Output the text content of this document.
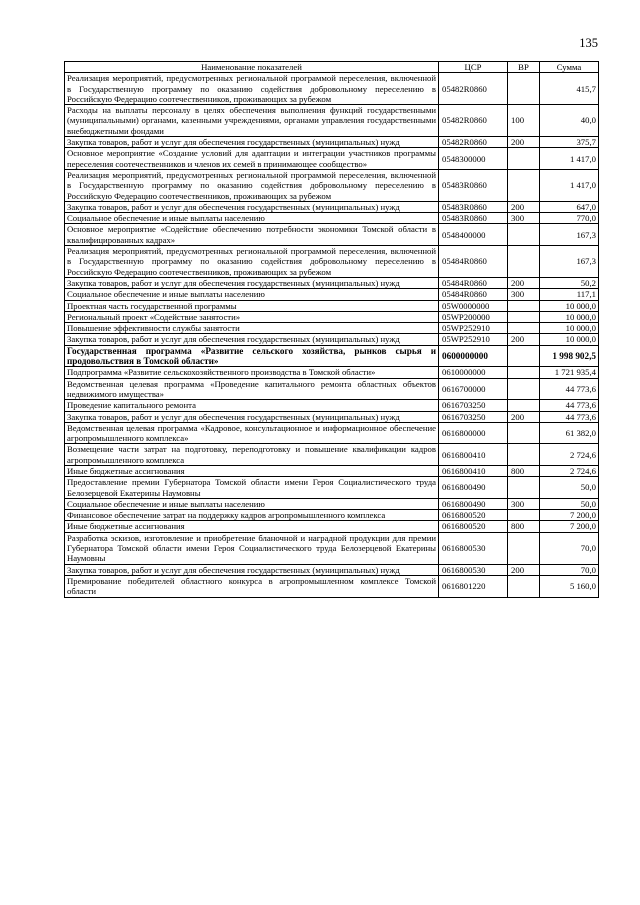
135
Наименование показателей	ЦСР	ВР	Сумма
Реализация мероприятий, предусмотренных региональной программой переселения, включенной в Государственную программу по оказанию содействия добровольному переселению в Российскую Федерацию соотечественников, проживающих за рубежом	05482R0860		415,7
Расходы на выплаты персоналу в целях обеспечения выполнения функций государственными (муниципальными) органами, казенными учреждениями, органами управления государственными внебюджетными фондами	05482R0860	100	40,0
Закупка товаров, работ и услуг для обеспечения государственных (муниципальных) нужд	05482R0860	200	375,7
Основное мероприятие «Создание условий для адаптации и интеграции участников программы переселения соотечественников и членов их семей в принимающее сообщество»	0548300000		1 417,0
Реализация мероприятий, предусмотренных региональной программой переселения, включенной в Государственную программу по оказанию содействия добровольному переселению в Российскую Федерацию соотечественников, проживающих за рубежом	05483R0860		1 417,0
Закупка товаров, работ и услуг для обеспечения государственных (муниципальных) нужд	05483R0860	200	647,0
Социальное обеспечение и иные выплаты населению	05483R0860	300	770,0
Основное мероприятие «Содействие обеспечению потребности экономики Томской области в квалифицированных кадрах»	0548400000		167,3
Реализация мероприятий, предусмотренных региональной программой переселения, включенной в Государственную программу по оказанию содействия добровольному переселению в Российскую Федерацию соотечественников, проживающих за рубежом	05484R0860		167,3
Закупка товаров, работ и услуг для обеспечения государственных (муниципальных) нужд	05484R0860	200	50,2
Социальное обеспечение и иные выплаты населению	05484R0860	300	117,1
Проектная часть государственной программы	05W0000000		10 000,0
Региональный проект «Содействие занятости»	05WP200000		10 000,0
Повышение эффективности службы занятости	05WP252910		10 000,0
Закупка товаров, работ и услуг для обеспечения государственных (муниципальных) нужд	05WP252910	200	10 000,0
Государственная программа «Развитие сельского хозяйства, рынков сырья и продовольствия в Томской области»	0600000000		1 998 902,5
Подпрограмма «Развитие сельскохозяйственного производства в Томской области»	0610000000		1 721 935,4
Ведомственная целевая программа «Проведение капитального ремонта областных объектов недвижимого имущества»	0616700000		44 773,6
Проведение капитального ремонта	0616703250		44 773,6
Закупка товаров, работ и услуг для обеспечения государственных (муниципальных) нужд	0616703250	200	44 773,6
Ведомственная целевая программа «Кадровое, консультационное и информационное обеспечение агропромышленного комплекса»	0616800000		61 382,0
Возмещение части затрат на подготовку, переподготовку и повышение квалификации кадров агропромышленного комплекса	0616800410		2 724,6
Иные бюджетные ассигнования	0616800410	800	2 724,6
Предоставление премии Губернатора Томской области имени Героя Социалистического труда Белозерцевой Екатерины Наумовны	0616800490		50,0
Социальное обеспечение и иные выплаты населению	0616800490	300	50,0
Финансовое обеспечение затрат на поддержку кадров агропромышленного комплекса	0616800520		7 200,0
Иные бюджетные ассигнования	0616800520	800	7 200,0
Разработка эскизов, изготовление и приобретение бланочной и наградной продукции для премии Губернатора Томской области имени Героя Социалистического труда Белозерцевой Екатерины Наумовны	0616800530		70,0
Закупка товаров, работ и услуг для обеспечения государственных (муниципальных) нужд	0616800530	200	70,0
Премирование победителей областного конкурса в агропромышленном комплексе Томской области	0616801220		5 160,0
